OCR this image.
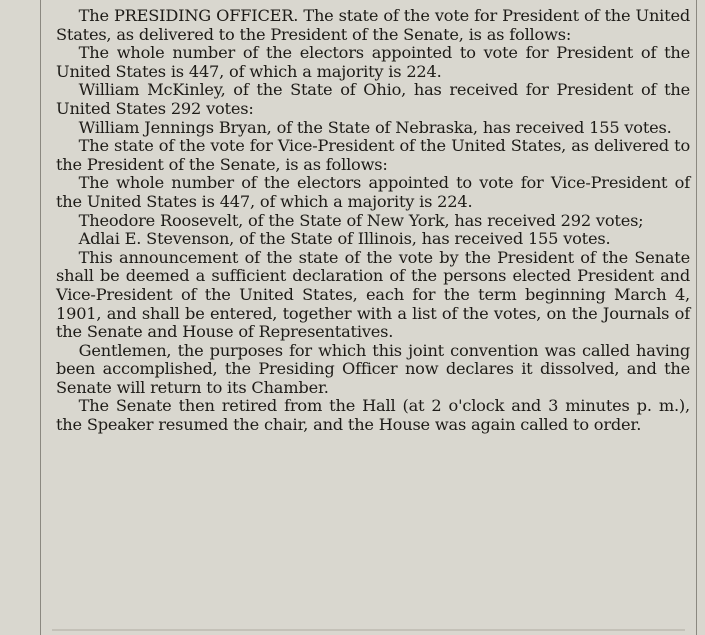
The PRESIDING OFFICER. The state of the vote for President of the United States, as delivered to the President of the Senate, is as follows:

The whole number of the electors appointed to vote for President of the United States is 447, of which a majority is 224.

William McKinley, of the State of Ohio, has received for President of the United States 292 votes:

William Jennings Bryan, of the State of Nebraska, has received 155 votes.

The state of the vote for Vice-President of the United States, as delivered to the President of the Senate, is as follows:

The whole number of the electors appointed to vote for Vice-President of the United States is 447, of which a majority is 224.

Theodore Roosevelt, of the State of New York, has received 292 votes;

Adlai E. Stevenson, of the State of Illinois, has received 155 votes.

This announcement of the state of the vote by the President of the Senate shall be deemed a sufficient declaration of the persons elected President and Vice-President of the United States, each for the term beginning March 4, 1901, and shall be entered, together with a list of the votes, on the Journals of the Senate and House of Representatives.

Gentlemen, the purposes for which this joint convention was called having been accomplished, the Presiding Officer now declares it dissolved, and the Senate will return to its Chamber.

The Senate then retired from the Hall (at 2 o'clock and 3 minutes p. m.), the Speaker resumed the chair, and the House was again called to order.
